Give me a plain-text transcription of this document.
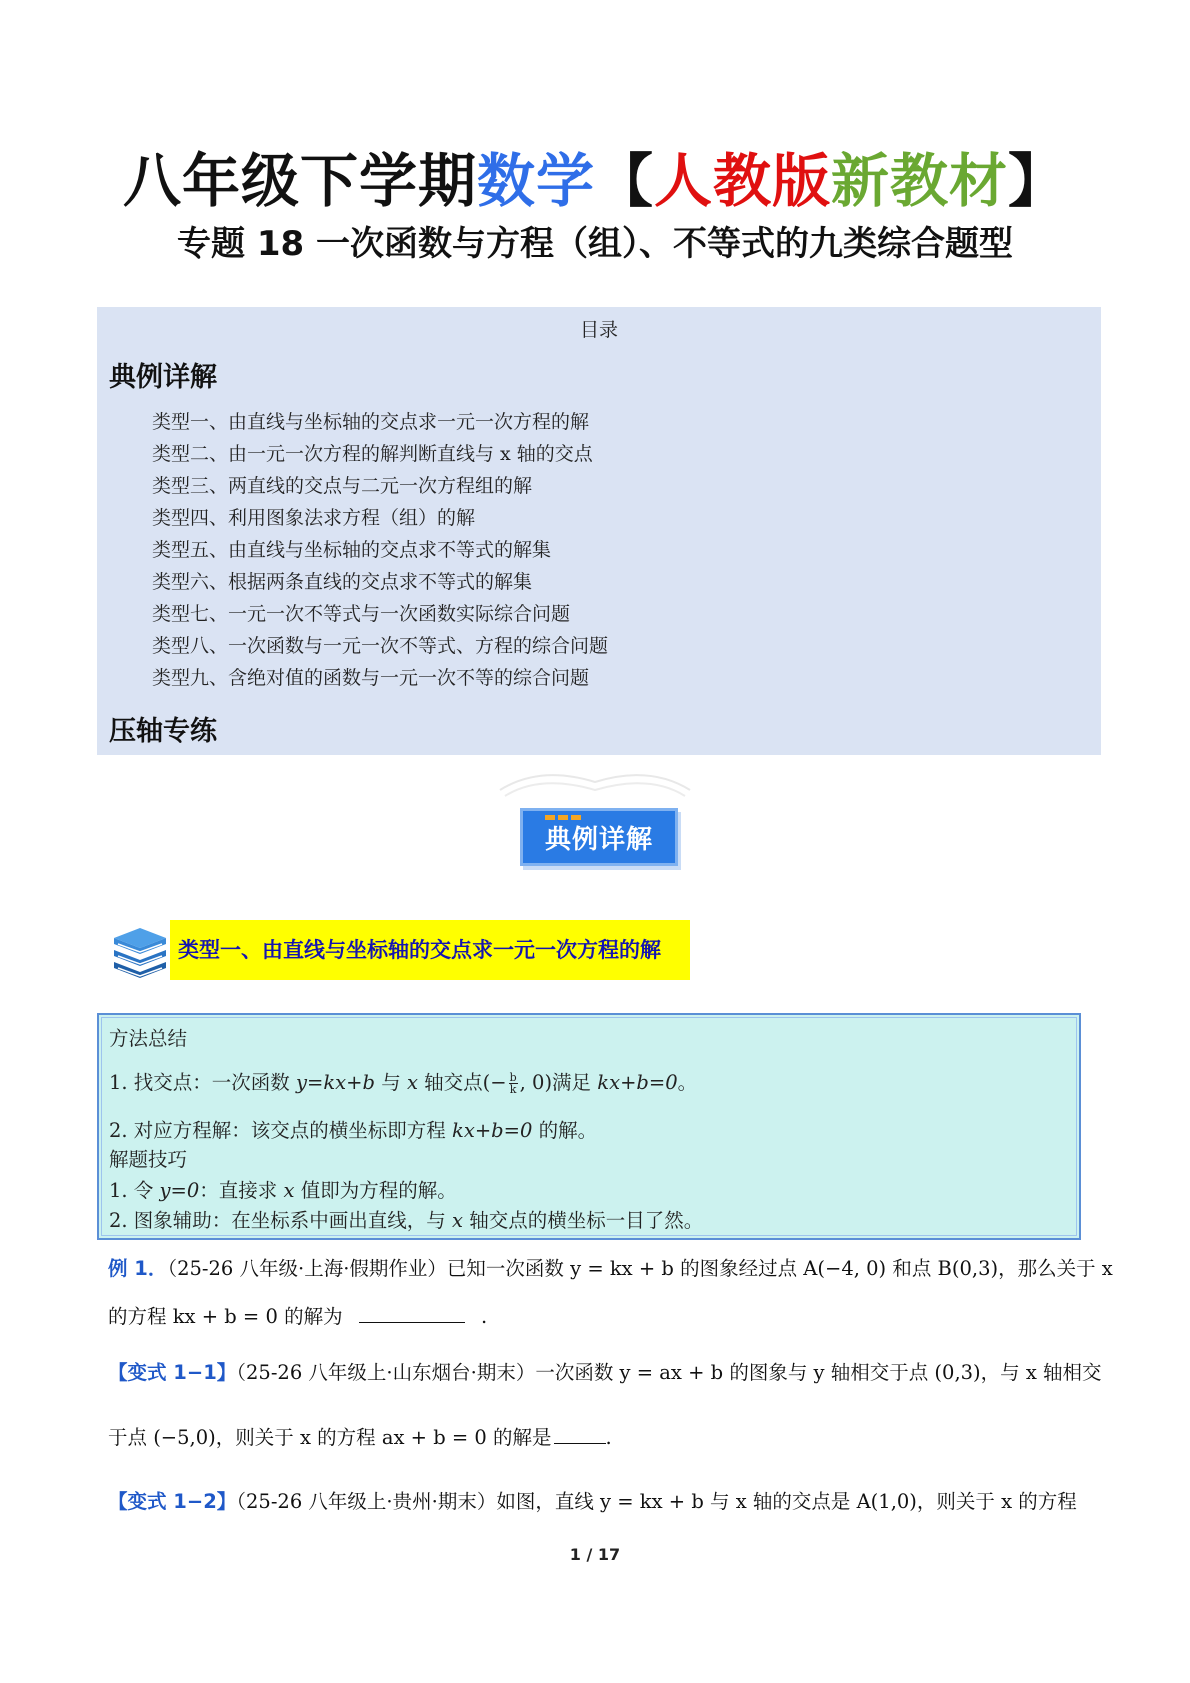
八年级下学期数学【人教版新教材】
专题 18 一次函数与方程（组）、不等式的九类综合题型
目录
典例详解
类型一、由直线与坐标轴的交点求一元一次方程的解
类型二、由一元一次方程的解判断直线与 x 轴的交点
类型三、两直线的交点与二元一次方程组的解
类型四、利用图象法求方程（组）的解
类型五、由直线与坐标轴的交点求不等式的解集
类型六、根据两条直线的交点求不等式的解集
类型七、一元一次不等式与一次函数实际综合问题
类型八、一次函数与一元一次不等式、方程的综合问题
类型九、含绝对值的函数与一元一次不等的综合问题
压轴专练
典例详解
类型一、由直线与坐标轴的交点求一元一次方程的解
方法总结
1. 找交点：一次函数 y=kx+b 与 x 轴交点(− $\frac{b}{k}$ , 0)满足 kx+b=0。
2. 对应方程解：该交点的横坐标即方程 kx+b=0 的解。
解题技巧
1. 令 y=0：直接求 x 值即为方程的解。
2. 图象辅助：在坐标系中画出直线，与 x 轴交点的横坐标一目了然。
例 1．（25-26 八年级·上海·假期作业）已知一次函数 y = kx + b 的图象经过点 A(−4, 0) 和点 B(0,3)，那么关于 x
的方程 kx + b = 0 的解为	.
【变式 1−1】（25-26 八年级上·山东烟台·期末）一次函数 y = ax + b 的图象与 y 轴相交于点 (0,3)，与 x 轴相交
于点 (−5,0)，则关于 x 的方程 ax + b = 0 的解是	.
【变式 1−2】（25-26 八年级上·贵州·期末）如图，直线 y = kx + b 与 x 轴的交点是 A(1,0)，则关于 x 的方程
1 / 17
